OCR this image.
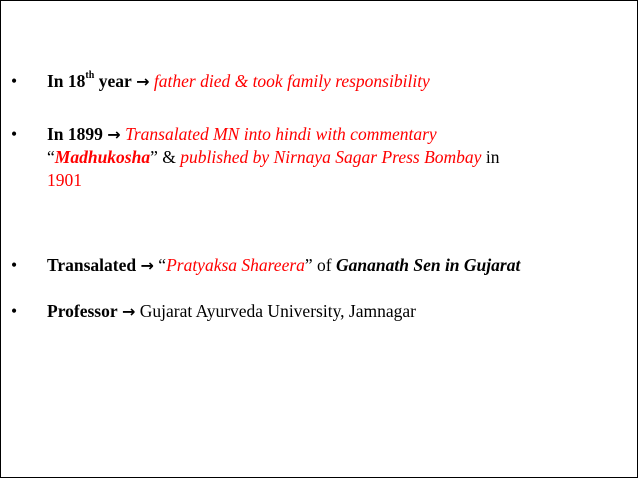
• In 18th year → father died & took family responsibility
• In 1899 → Transalated MN into hindi with commentary
“Madhukosha” & published by Nirnaya Sagar Press Bombay in
1901
• Transalated → “Pratyaksa Shareera” of Gananath Sen in Gujarat
• Professor → Gujarat Ayurveda University, Jamnagar
